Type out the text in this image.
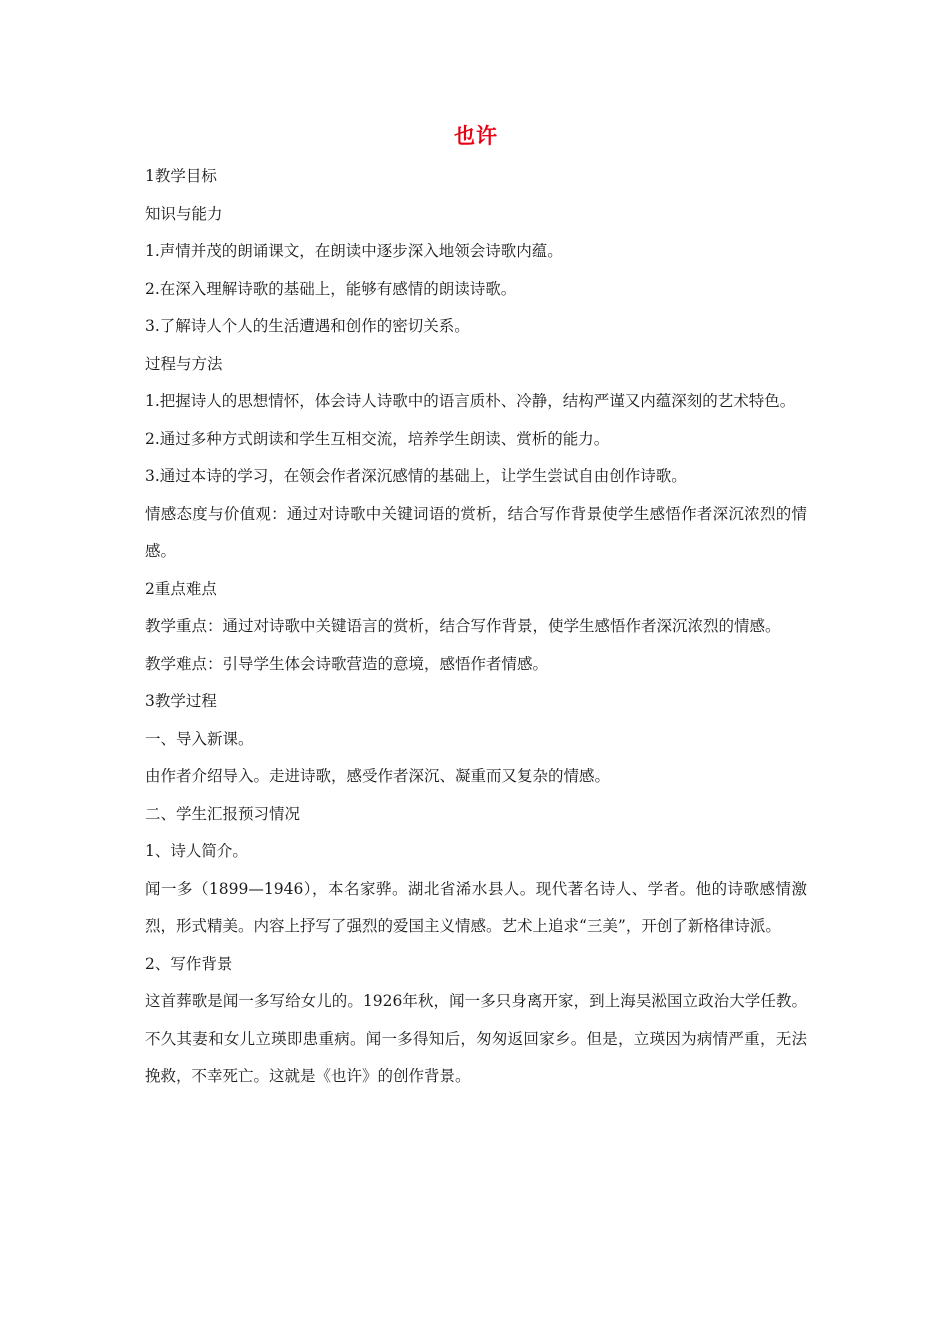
也许

1教学目标

知识与能力

1.声情并茂的朗诵课文，在朗读中逐步深入地领会诗歌内蕴。

2.在深入理解诗歌的基础上，能够有感情的朗读诗歌。

3.了解诗人个人的生活遭遇和创作的密切关系。

过程与方法

1.把握诗人的思想情怀，体会诗人诗歌中的语言质朴、冷静，结构严谨又内蕴深刻的艺术特色。

2.通过多种方式朗读和学生互相交流，培养学生朗读、赏析的能力。

3.通过本诗的学习，在领会作者深沉感情的基础上，让学生尝试自由创作诗歌。

情感态度与价值观：通过对诗歌中关键词语的赏析，结合写作背景使学生感悟作者深沉浓烈的情感。

2重点难点

教学重点：通过对诗歌中关键语言的赏析，结合写作背景，使学生感悟作者深沉浓烈的情感。

教学难点：引导学生体会诗歌营造的意境，感悟作者情感。

3教学过程

一、导入新课。

由作者介绍导入。走进诗歌，感受作者深沉、凝重而又复杂的情感。

二、学生汇报预习情况

1、诗人简介。

闻一多（1899—1946），本名家骅。湖北省浠水县人。现代著名诗人、学者。他的诗歌感情激烈，形式精美。内容上抒写了强烈的爱国主义情感。艺术上追求“三美”，开创了新格律诗派。

2、写作背景

这首葬歌是闻一多写给女儿的。1926年秋，闻一多只身离开家，到上海吴淞国立政治大学任教。不久其妻和女儿立瑛即患重病。闻一多得知后，匆匆返回家乡。但是，立瑛因为病情严重，无法挽救，不幸死亡。这就是《也许》的创作背景。
